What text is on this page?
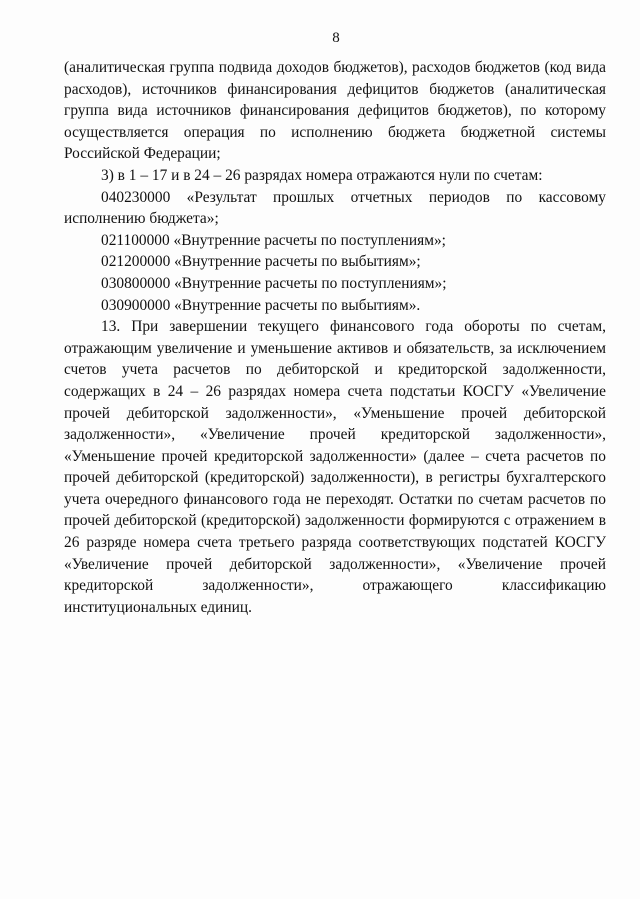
8

(аналитическая группа подвида доходов бюджетов), расходов бюджетов (код вида расходов), источников финансирования дефицитов бюджетов (аналитическая группа вида источников финансирования дефицитов бюджетов), по которому осуществляется операция по исполнению бюджета бюджетной системы Российской Федерации;

3) в 1 – 17 и в 24 – 26 разрядах номера отражаются нули по счетам:

040230000 «Результат прошлых отчетных периодов по кассовому исполнению бюджета»;

021100000 «Внутренние расчеты по поступлениям»;

021200000 «Внутренние расчеты по выбытиям»;

030800000 «Внутренние расчеты по поступлениям»;

030900000 «Внутренние расчеты по выбытиям».

13. При завершении текущего финансового года обороты по счетам, отражающим увеличение и уменьшение активов и обязательств, за исключением счетов учета расчетов по дебиторской и кредиторской задолженности, содержащих в 24 – 26 разрядах номера счета подстатьи КОСГУ «Увеличение прочей дебиторской задолженности», «Уменьшение прочей дебиторской задолженности», «Увеличение прочей кредиторской задолженности», «Уменьшение прочей кредиторской задолженности» (далее – счета расчетов по прочей дебиторской (кредиторской) задолженности), в регистры бухгалтерского учета очередного финансового года не переходят. Остатки по счетам расчетов по прочей дебиторской (кредиторской) задолженности формируются с отражением в 26 разряде номера счета третьего разряда соответствующих подстатей КОСГУ «Увеличение прочей дебиторской задолженности», «Увеличение прочей кредиторской задолженности», отражающего классификацию институциональных единиц.
